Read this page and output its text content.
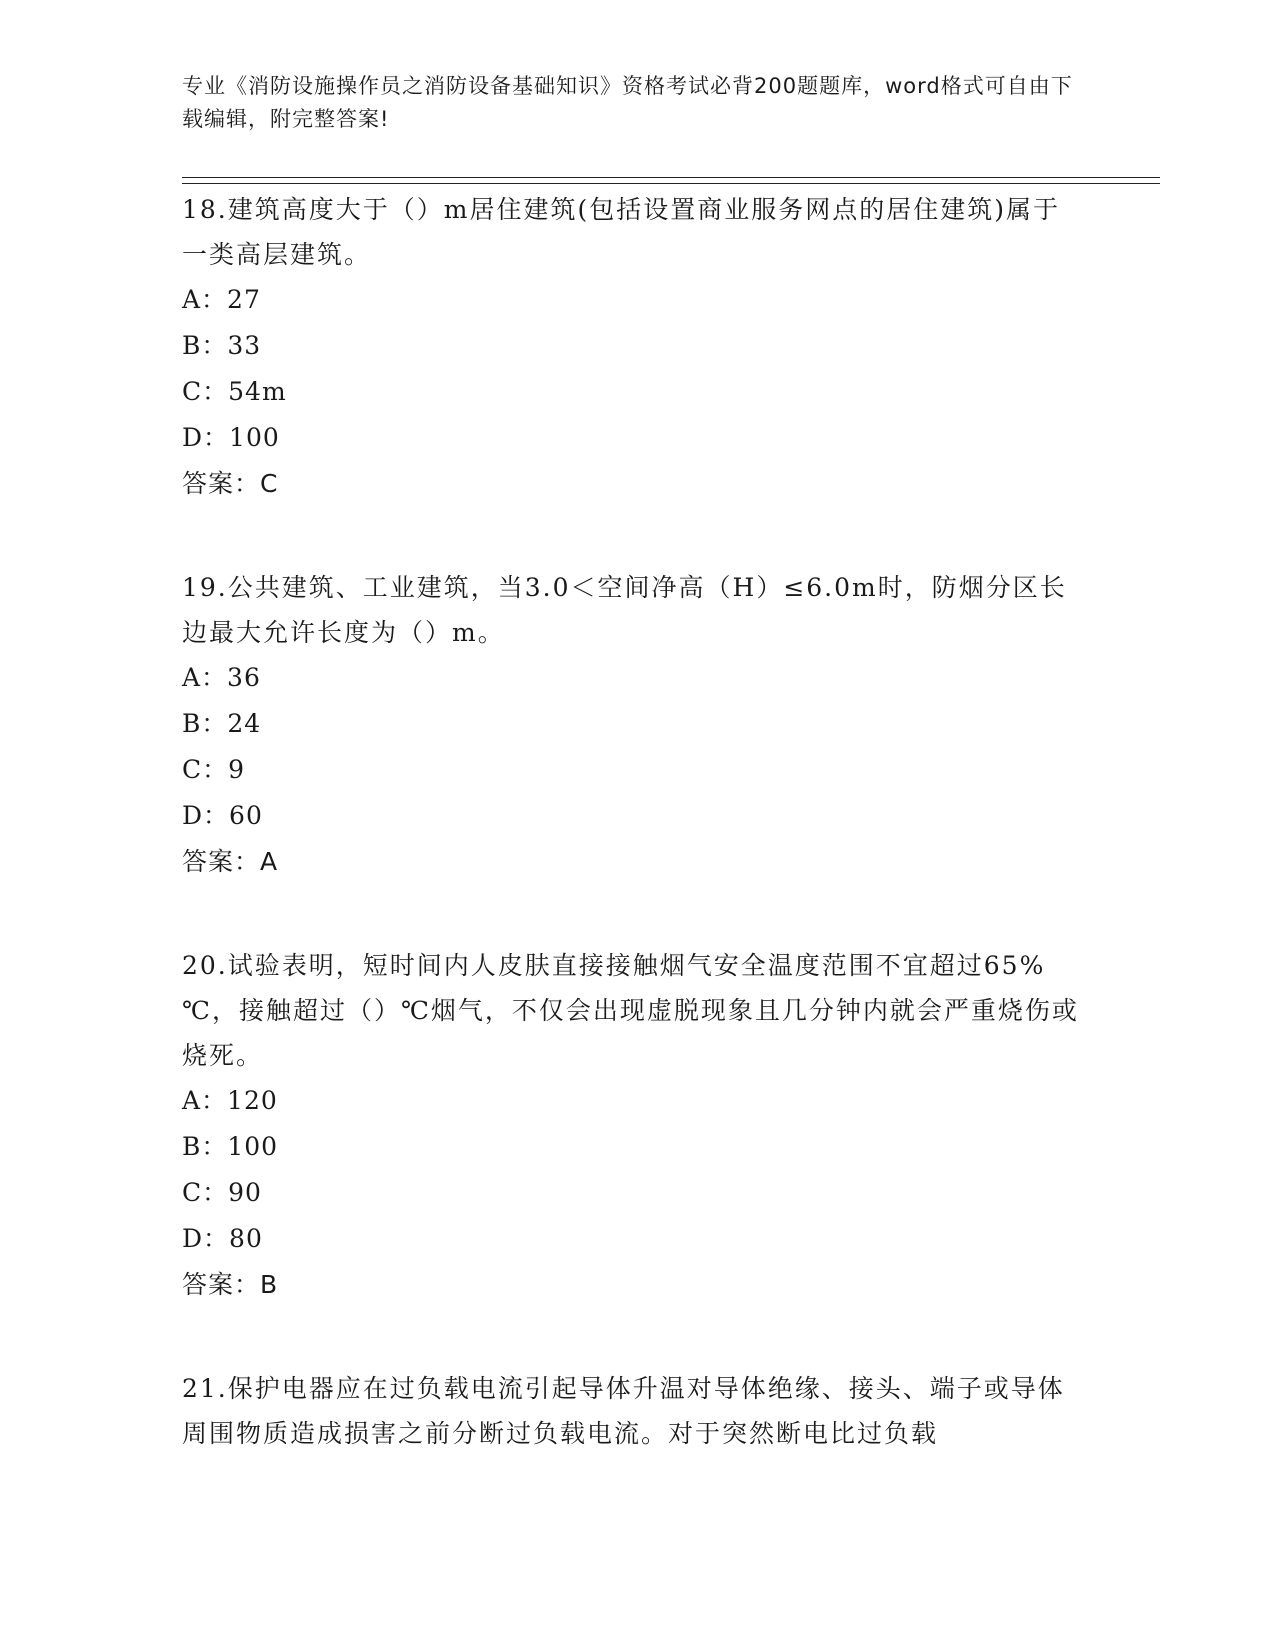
专业《消防设施操作员之消防设备基础知识》资格考试必背200题题库，word格式可自由下载编辑，附完整答案!

18.建筑高度大于（）m居住建筑(包括设置商业服务网点的居住建筑)属于一类高层建筑。

A：27
B：33
C：54m
D：100
答案：C

19.公共建筑、工业建筑，当3.0＜空间净高（H）≤6.0m时，防烟分区长边最大允许长度为（）m。

A：36
B：24
C：9
D：60
答案：A

20.试验表明，短时间内人皮肤直接接触烟气安全温度范围不宜超过65%℃，接触超过（）℃烟气，不仅会出现虚脱现象且几分钟内就会严重烧伤或烧死。

A：120
B：100
C：90
D：80
答案：B

21.保护电器应在过负载电流引起导体升温对导体绝缘、接头、端子或导体周围物质造成损害之前分断过负载电流。对于突然断电比过负载
